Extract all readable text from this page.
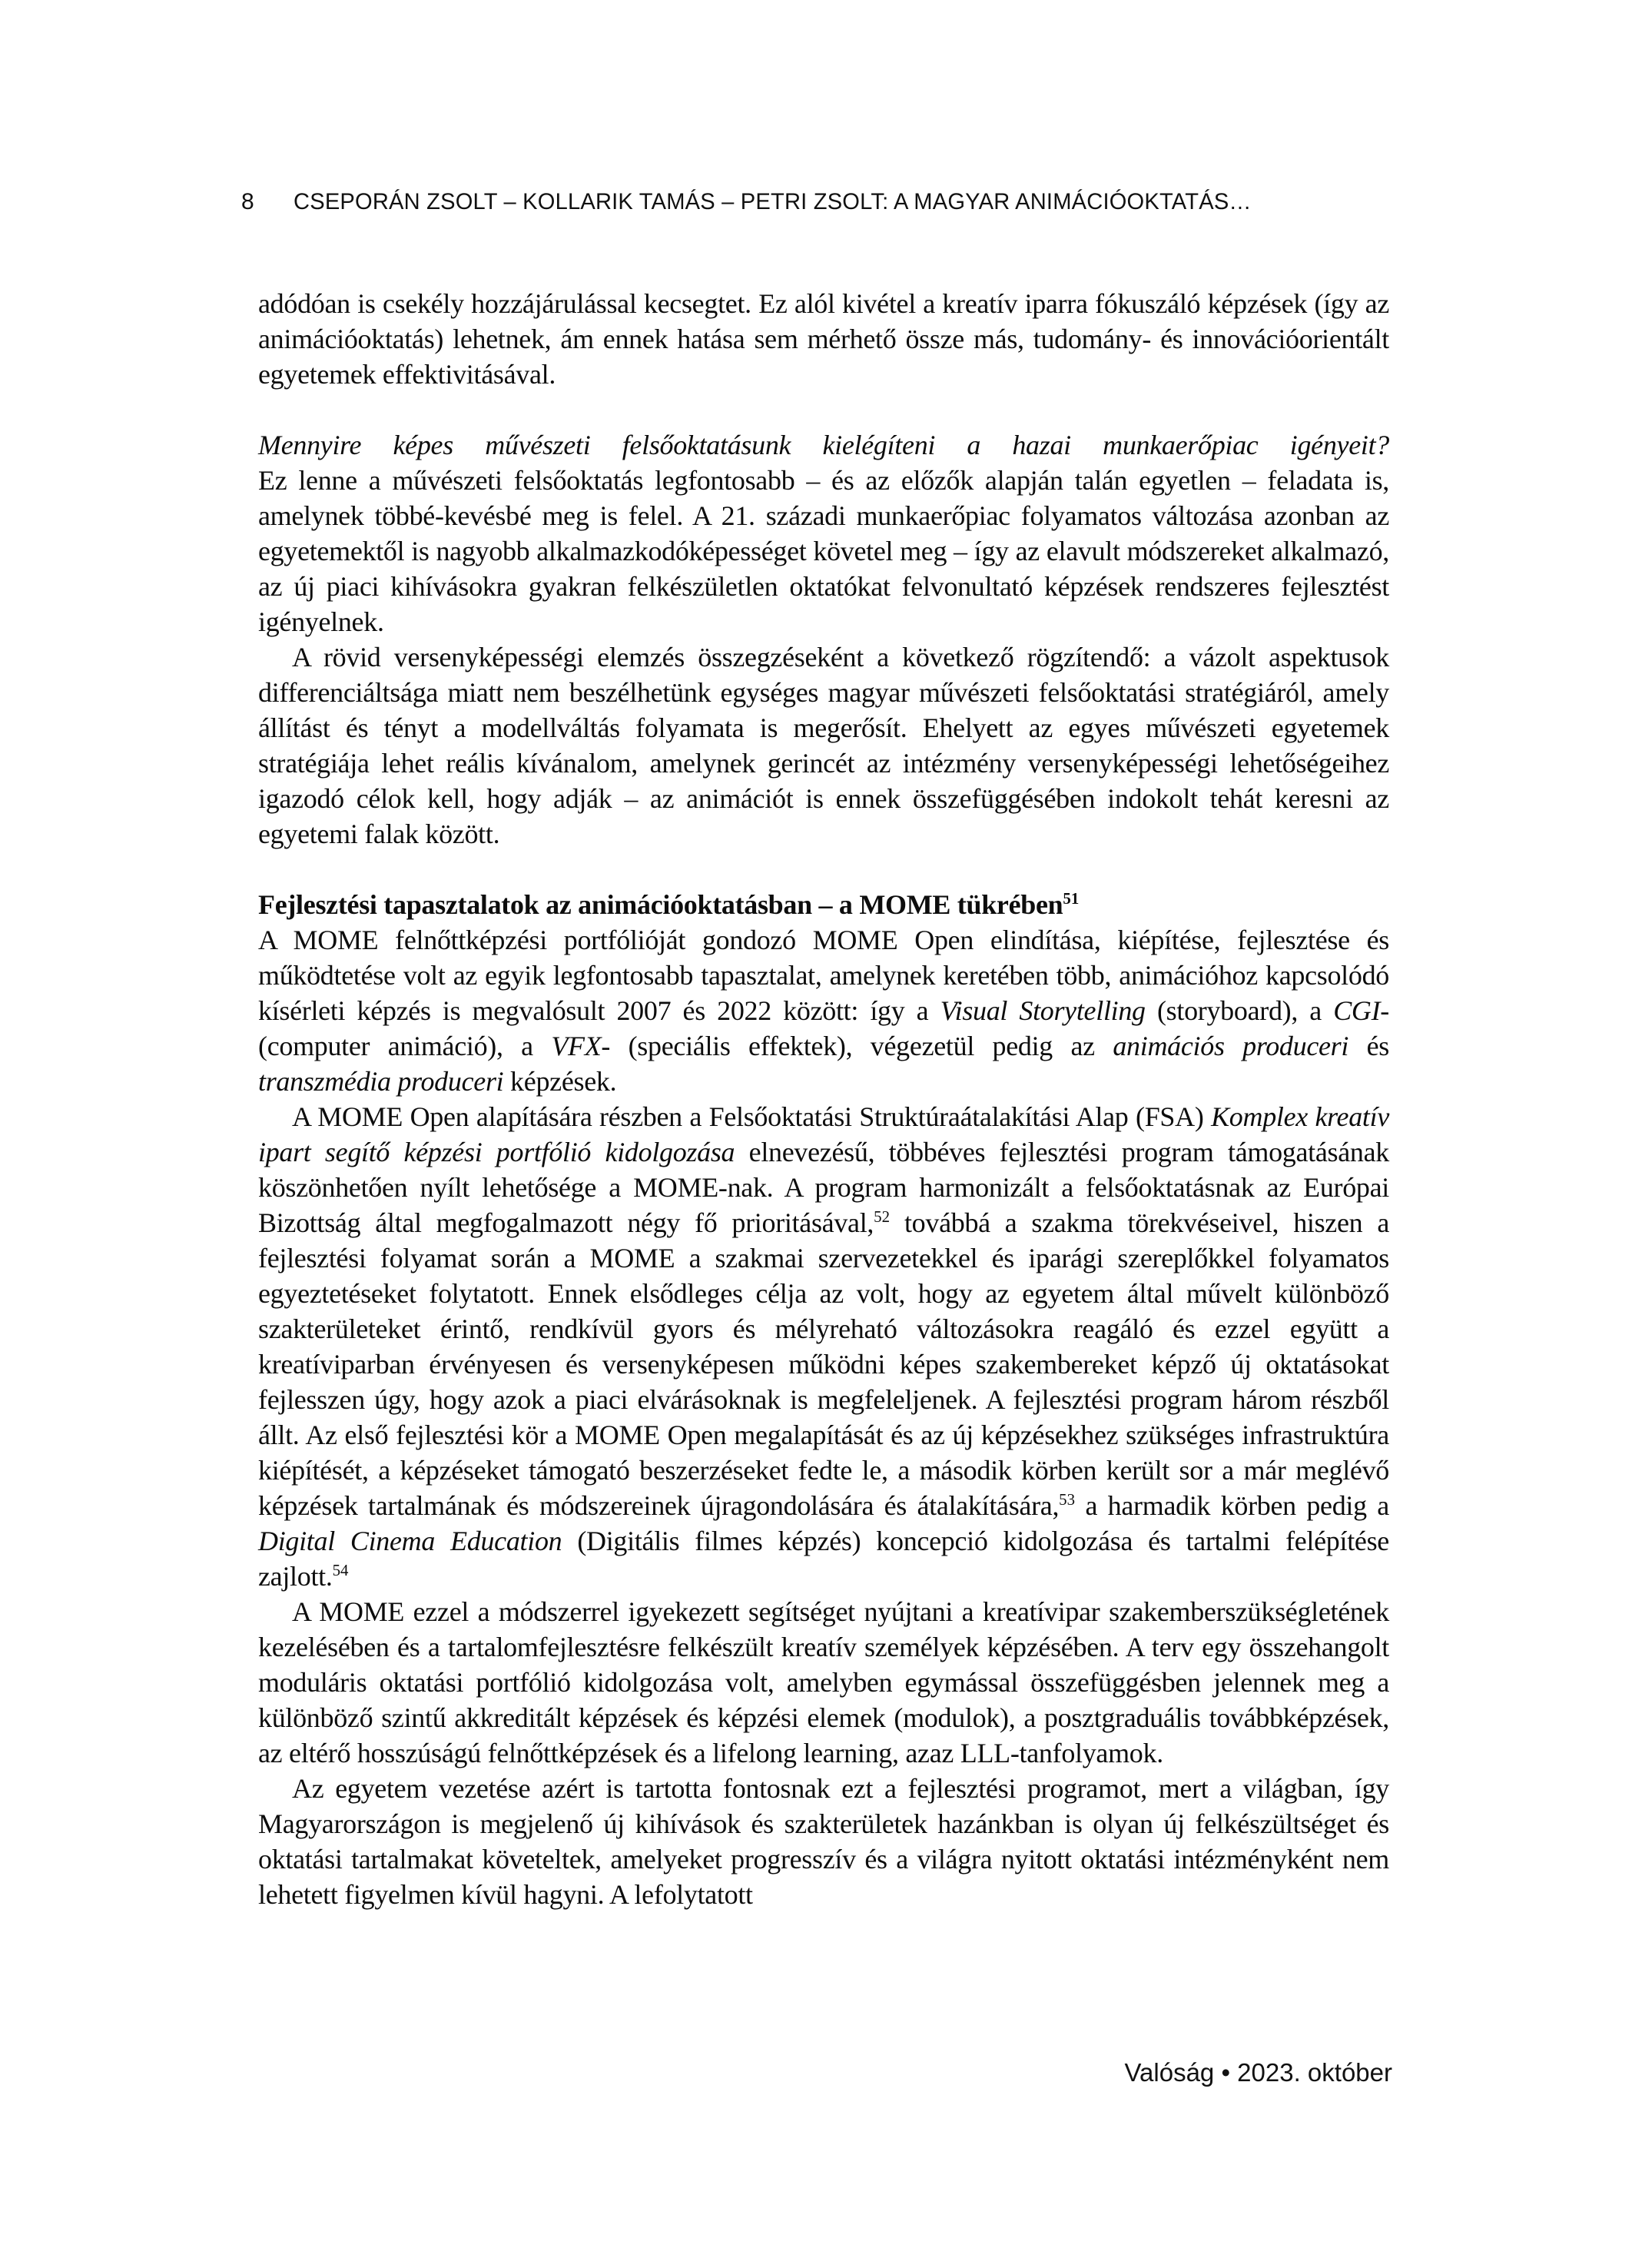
8 CSEPORÁN ZSOLT – KOLLARIK TAMÁS – PETRI ZSOLT: A MAGYAR ANIMÁCIÓOKTATÁS…

adódóan is csekély hozzájárulással kecsegtet. Ez alól kivétel a kreatív iparra fókuszáló képzések (így az animációoktatás) lehetnek, ám ennek hatása sem mérhető össze más, tudomány- és innovációorientált egyetemek effektivitásával.

Mennyire képes művészeti felsőoktatásunk kielégíteni a hazai munkaerőpiac igényeit?

Ez lenne a művészeti felsőoktatás legfontosabb – és az előzők alapján talán egyetlen – feladata is, amelynek többé-kevésbé meg is felel. A 21. századi munkaerőpiac folyamatos változása azonban az egyetemektől is nagyobb alkalmazkodóképességet követel meg – így az elavult módszereket alkalmazó, az új piaci kihívásokra gyakran felkészületlen oktatókat felvonultató képzések rendszeres fejlesztést igényelnek.

A rövid versenyképességi elemzés összegzéseként a következő rögzítendő: a vázolt aspektusok differenciáltsága miatt nem beszélhetünk egységes magyar művészeti felsőoktatási stratégiáról, amely állítást és tényt a modellváltás folyamata is megerősít. Ehelyett az egyes művészeti egyetemek stratégiája lehet reális kívánalom, amelynek gerincét az intézmény versenyképességi lehetőségeihez igazodó célok kell, hogy adják – az animációt is ennek összefüggésében indokolt tehát keresni az egyetemi falak között.

Fejlesztési tapasztalatok az animációoktatásban – a MOME tükrében$^{51}$

A MOME felnőttképzési portfólióját gondozó MOME Open elindítása, kiépítése, fejlesztése és működtetése volt az egyik legfontosabb tapasztalat, amelynek keretében több, animációhoz kapcsolódó kísérleti képzés is megvalósult 2007 és 2022 között: így a Visual Storytelling (storyboard), a CGI- (computer animáció), a VFX- (speciális effektek), végezetül pedig az animációs produceri és transzmédia produceri képzések.

A MOME Open alapítására részben a Felsőoktatási Struktúraátalakítási Alap (FSA) Komplex kreatív ipart segítő képzési portfólió kidolgozása elnevezésű, többéves fejlesztési program támogatásának köszönhetően nyílt lehetősége a MOME-nak. A program harmonizált a felsőoktatásnak az Európai Bizottság által megfogalmazott négy fő prioritásával,$^{52}$ továbbá a szakma törekvéseivel, hiszen a fejlesztési folyamat során a MOME a szakmai szervezetekkel és iparági szereplőkkel folyamatos egyeztetéseket folytatott. Ennek elsődleges célja az volt, hogy az egyetem által művelt különböző szakterületeket érintő, rendkívül gyors és mélyreható változásokra reagáló és ezzel együtt a kreatíviparban érvényesen és versenyképesen működni képes szakembereket képző új oktatásokat fejlesszen úgy, hogy azok a piaci elvárásoknak is megfeleljenek. A fejlesztési program három részből állt. Az első fejlesztési kör a MOME Open megalapítását és az új képzésekhez szükséges infrastruktúra kiépítését, a képzéseket támogató beszerzéseket fedte le, a második körben került sor a már meglévő képzések tartalmának és módszereinek újragondolására és átalakítására,$^{53}$ a harmadik körben pedig a Digital Cinema Education (Digitális filmes képzés) koncepció kidolgozása és tartalmi felépítése zajlott.$^{54}$

A MOME ezzel a módszerrel igyekezett segítséget nyújtani a kreatívipar szakemberszükségletének kezelésében és a tartalomfejlesztésre felkészült kreatív személyek képzésében. A terv egy összehangolt moduláris oktatási portfólió kidolgozása volt, amelyben egymással összefüggésben jelennek meg a különböző szintű akkreditált képzések és képzési elemek (modulok), a posztgraduális továbbképzések, az eltérő hosszúságú felnőttképzések és a lifelong learning, azaz LLL-tanfolyamok.

Az egyetem vezetése azért is tartotta fontosnak ezt a fejlesztési programot, mert a világban, így Magyarországon is megjelenő új kihívások és szakterületek hazánkban is olyan új felkészültséget és oktatási tartalmakat követeltek, amelyeket progresszív és a világra nyitott oktatási intézményként nem lehetett figyelmen kívül hagyni. A lefolytatott

Valóság • 2023. október
